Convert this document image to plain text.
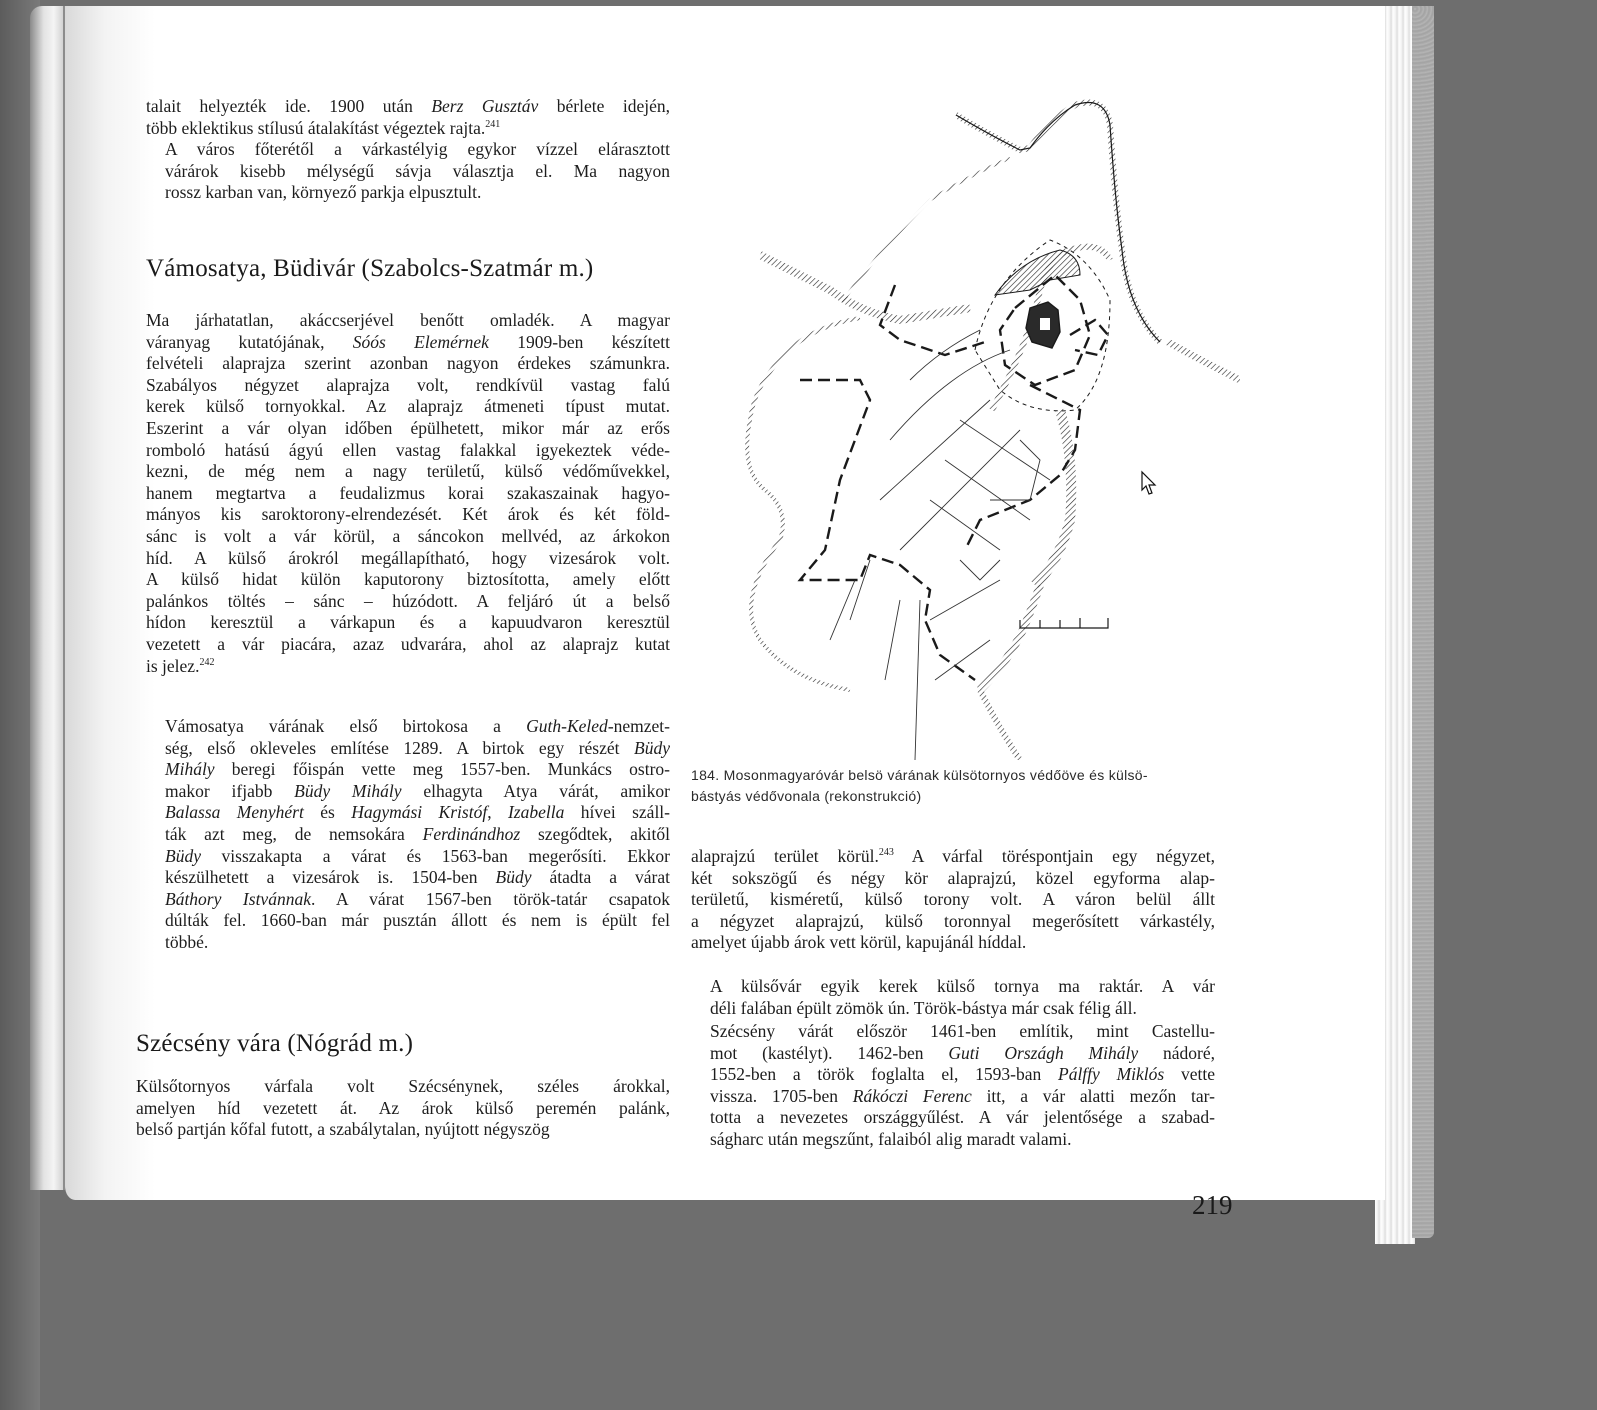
talait helyezték ide. 1900 után Berz Gusztáv bérlete idején,
több eklektikus stílusú átalakítást végeztek rajta.$^{241}$
A város főterétől a várkastélyig egykor vízzel elárasztott
várárok kisebb mélységű sávja választja el. Ma nagyon
rossz karban van, környező parkja elpusztult.
Vámosatya, Büdivár (Szabolcs-Szatmár m.)
Ma járhatatlan, akáccserjével benőtt omladék. A magyar
váranyag kutatójának, Sóós Elemérnek 1909-ben készített
felvételi alaprajza szerint azonban nagyon érdekes számunkra.
Szabályos négyzet alaprajza volt, rendkívül vastag falú
kerek külső tornyokkal. Az alaprajz átmeneti típust mutat.
Eszerint a vár olyan időben épülhetett, mikor már az erős
romboló hatású ágyú ellen vastag falakkal igyekeztek véde-
kezni, de még nem a nagy területű, külső védőművekkel,
hanem megtartva a feudalizmus korai szakaszainak hagyo-
mányos kis saroktorony-elrendezését. Két árok és két föld-
sánc is volt a vár körül, a sáncokon mellvéd, az árkokon
híd. A külső árokról megállapítható, hogy vizesárok volt.
A külső hidat külön kaputorony biztosította, amely előtt
palánkos töltés – sánc – húzódott. A feljáró út a belső
hídon keresztül a várkapun és a kapuudvaron keresztül
vezetett a vár piacára, azaz udvarára, ahol az alaprajz kutat
is jelez.$^{242}$
Vámosatya várának első birtokosa a Guth-Keled-nemzet-
ség, első okleveles említése 1289. A birtok egy részét Büdy
Mihály beregi főispán vette meg 1557-ben. Munkács ostro-
makor ifjabb Büdy Mihály elhagyta Atya várát, amikor
Balassa Menyhért és Hagymási Kristóf, Izabella hívei száll-
ták azt meg, de nemsokára Ferdinándhoz szegődtek, akitől
Büdy visszakapta a várat és 1563-ban megerősíti. Ekkor
készülhetett a vizesárok is. 1504-ben Büdy átadta a várat
Báthory Istvánnak. A várat 1567-ben török-tatár csapatok
dúlták fel. 1660-ban már pusztán állott és nem is épült fel
többé.
Szécsény vára (Nógrád m.)
Külsőtornyos várfala volt Szécsénynek, széles árokkal,
amelyen híd vezetett át. Az árok külső peremén palánk,
belső partján kőfal futott, a szabálytalan, nyújtott négyszög
184. Mosonmagyaróvár belsö várának külsötornyos védőöve és külsö-
bástyás védővonala (rekonstrukció)
alaprajzú terület körül.$^{243}$ A várfal töréspontjain egy négyzet,
két sokszögű és négy kör alaprajzú, közel egyforma alap-
területű, kisméretű, külső torony volt. A váron belül állt
a négyzet alaprajzú, külső toronnyal megerősített várkastély,
amelyet újabb árok vett körül, kapujánál híddal.
A külsővár egyik kerek külső tornya ma raktár. A vár
déli falában épült zömök ún. Török-bástya már csak félig áll.
Szécsény várát először 1461-ben említik, mint Castellu-
mot (kastélyt). 1462-ben Guti Országh Mihály nádoré,
1552-ben a török foglalta el, 1593-ban Pálffy Miklós vette
vissza. 1705-ben Rákóczi Ferenc itt, a vár alatti mezőn tar-
totta a nevezetes országgyűlést. A vár jelentősége a szabad-
ságharc után megszűnt, falaiból alig maradt valami.
219
